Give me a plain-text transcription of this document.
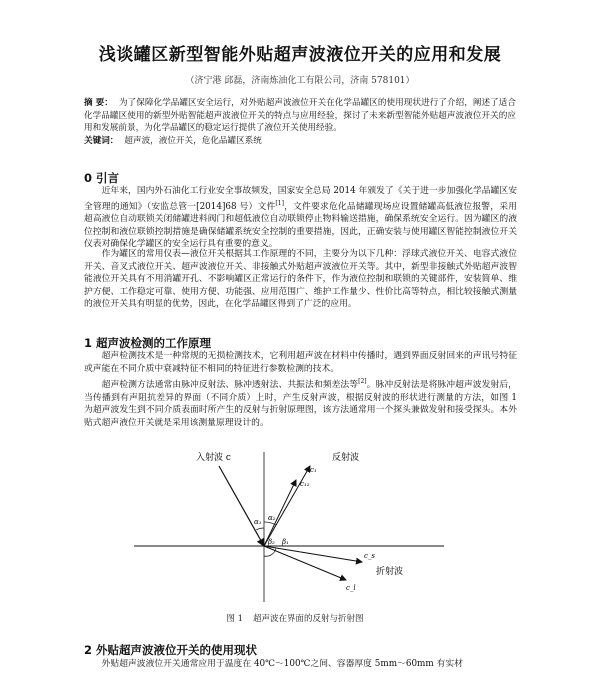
浅谈罐区新型智能外贴超声波液位开关的应用和发展
（济宁港 邱磊，济南炼油化工有限公司，济南 578101）
摘 要： 为了保障化学品罐区安全运行，对外贴超声波液位开关在化学品罐区的使用现状进行了介绍，阐述了适合化学品罐区使用的新型外贴智能超声波液位开关的特点与应用经验，探讨了未来新型智能外贴超声波液位开关的应用和发展前景，为化学品罐区的稳定运行提供了液位开关使用经验。
关键词： 超声波，液位开关，危化品罐区系统
0 引言

近年来，国内外石油化工行业安全事故频发，国家安全总局 2014 年颁发了《关于进一步加强化学品罐区安全管理的通知》（安监总管一[2014]68 号）文件[1]，文件要求危化品储罐现场应设置储罐高低液位报警，采用超高液位自动联锁关闭储罐进料阀门和超低液位自动联锁停止物料输送措施，确保系统安全运行。因为罐区的液位控制和液位联锁控制措施是确保储罐系统安全控制的重要措施，因此，正确安装与使用罐区智能控制液位开关仪表对确保化学罐区的安全运行具有重要的意义。

作为罐区的常用仪表—液位开关根据其工作原理的不同，主要分为以下几种：浮球式液位开关、电容式液位开关、音叉式液位开关、超声波液位开关、非接触式外贴超声波液位开关等。其中，新型非接触式外贴超声波智能液位开关具有不用消罐开孔、不影响罐区正常运行的条件下，作为液位控制和联锁的关键部件，安装简单、维护方便、工作稳定可靠、使用方便、功能强、应用范围广、维护工作量少、性价比高等特点，相比较接触式测量的液位开关具有明显的优势，因此，在化学品罐区得到了广泛的应用。

1 超声波检测的工作原理

超声检测技术是一种常规的无损检测技术，它利用超声波在材料中传播时，遇到界面反射回来的声讯号特征或声能在不同介质中衰减特征不相同的特征进行参数检测的技术。

超声检测方法通常由脉冲反射法、脉冲透射法、共振法和频差法等[2]。脉冲反射法是将脉冲超声波发射后，当传播到有声阻抗差异的界面（不同介质）上时，产生反射声波，根据反射波的形状进行测量的方法，如图 1 为超声波发生到不同介质表面时所产生的反射与折射原理图，该方法通常用一个探头兼做发射和接受探头。本外贴式超声液位开关就是采用该测量原理设计的。

入射波 c	反射波
折射波
c₁
c₁₂
α₁ α₂
β₁
β₂
c_s
c_l
图 1 超声波在界面的反射与折射图
2 外贴超声波液位开关的使用现状

外贴超声波液位开关通常应用于温度在 40℃～100℃之间、容器厚度 5mm～60mm 有实材
